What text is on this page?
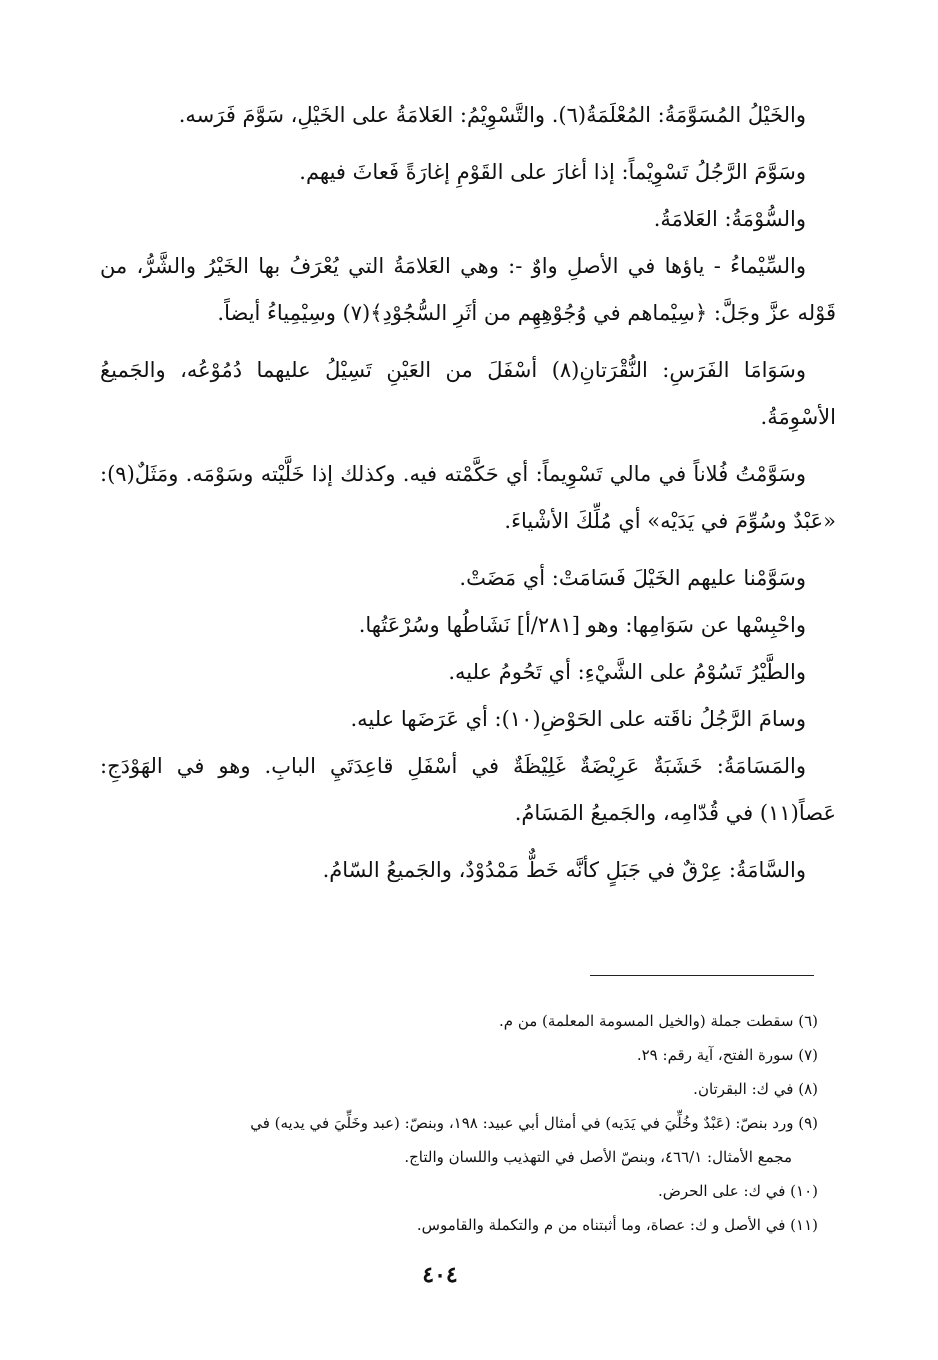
والخَيْلُ المُسَوَّمَةُ: المُعْلَمَةُ(٦). والتَّسْوِيْمُ: العَلامَةُ على الخَيْلِ، سَوَّمَ فَرَسه.

وسَوَّمَ الرَّجُلُ تَسْوِيْماً: إذا أغارَ على القَوْمِ إغارَةً فَعاثَ فيهم.

والسُّوْمَةُ: العَلامَةُ.

والسِّيْماءُ - ياؤها في الأصلِ واوٌ -: وهي العَلامَةُ التي يُعْرَفُ بها الخَيْرُ والشَّرُّ، من قَوْله عزَّ وجَلَّ: ﴿سِيْماهم في وُجُوْهِهِم من أثَرِ السُّجُوْدِ﴾(٧) وسِيْمِياءُ أيضاً.

وسَوَامَا الفَرَسِ: النُّقْرَتانِ(٨) أسْفَلَ من العَيْنِ تَسِيْلُ عليهما دُمُوْعُه، والجَميعُ الأسْوِمَةُ.

وسَوَّمْتُ فُلاناً في مالي تَسْوِيماً: أي حَكَّمْته فيه. وكذلك إذا خَلَّيْته وسَوْمَه. ومَثَلٌ(٩): «عَبْدٌ وسُوِّمَ في يَدَيْه» أي مُلِّكَ الأشْياءَ.

وسَوَّمْنا عليهم الخَيْلَ فَسَامَتْ: أي مَضَتْ.

واحْبِسْها عن سَوَامِها: وهو [٢٨١/أ] نَشَاطُها وسُرْعَتُها.

والطَّيْرُ تَسُوْمُ على الشَّيْءِ: أي تَحُومُ عليه.

وسامَ الرَّجُلُ ناقَته على الحَوْضِ(١٠): أي عَرَضَها عليه.

والمَسَامَةُ: خَشَبَةٌ عَرِيْضَةٌ غَلِيْظَةٌ في أسْفَلِ قاعِدَتَيِ البابِ. وهو في الهَوْدَجِ: عَصاً(١١) في قُدّامِه، والجَميعُ المَسَامُ.

والسَّامَةُ: عِرْقٌ في جَبَلٍ كأنَّه خَطٌّ مَمْدُوْدٌ، والجَميعُ السّامُ.

(٦) سقطت جملة (والخيل المسومة المعلمة) من م.

(٧) سورة الفتح، آية رقم: ٢٩.

(٨) في ك: البقرتان.

(٩) ورد بنصّ: (عَبْدٌ وخُلِّيَ في يَدَيه) في أمثال أبي عبيد: ١٩٨، وبنصّ: (عبد وخَلِّيَ في يديه) في
مجمع الأمثال: ٤٦٦/١، وبنصّ الأصل في التهذيب واللسان والتاج.

(١٠) في ك: على الحرض.

(١١) في الأصل و ك: عصاة، وما أثبتناه من م والتكملة والقاموس.

٤٠٤
